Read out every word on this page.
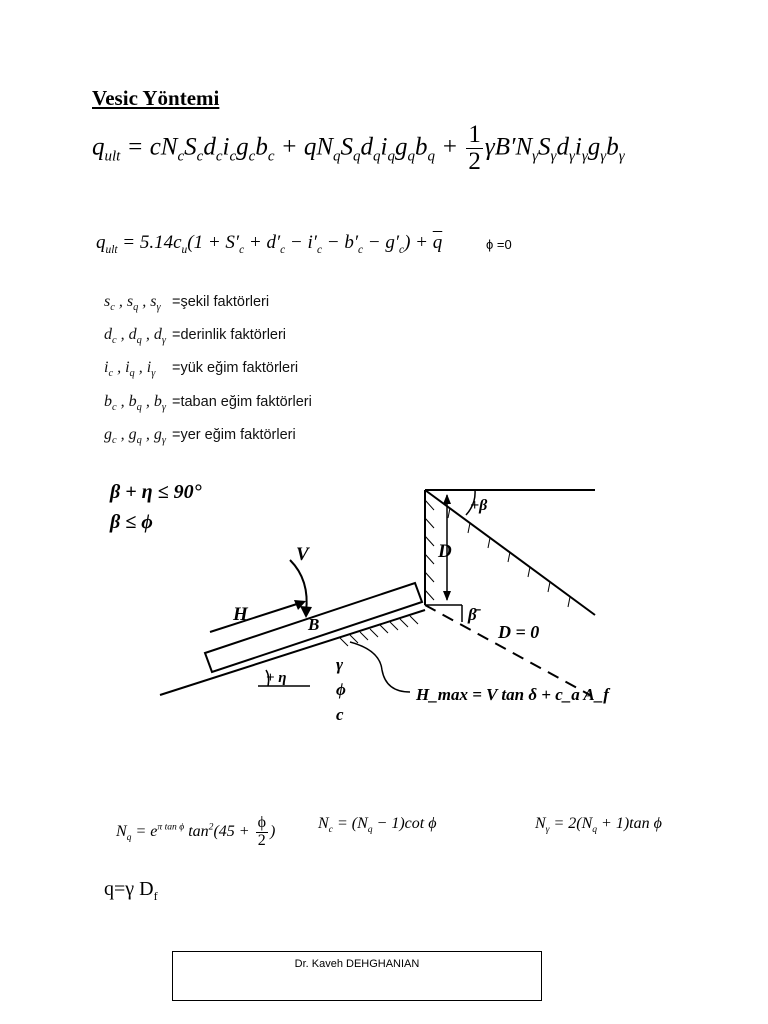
Vesic Yöntemi
$q_{ult} = cN_cS_cd_ci_cg_cb_c + qN_qS_qd_qi_qg_qb_q + \frac{1}{2} \gamma B'N_\gamma S_\gamma d_\gamma i_\gamma g_\gamma b_\gamma$
$q_{ult} = 5.14c_u(1 + S'_c + d'_c - i'_c - b'_c - g'_c) + \overline{q}$	ϕ =0
$s_c$ , $s_q$ , $s_\gamma$ =şekil faktörleri
$d_c$ , $d_q$ , $d_\gamma$ =derinlik faktörleri
$i_c$ , $i_q$ , $i_\gamma$ =yük eğim faktörleri
$b_c$ , $b_q$ , $b_\gamma$ =taban eğim faktörleri
$g_c$ , $g_q$ , $g_\gamma =yer$ eğim faktörleri
β + η ≤ 90°
β ≤ ϕ
+ η
V
H	B
γ
ϕ
c
H_max = V tan δ + c_a A_f
+β
D
β̄
D = 0
$N_q = e^{\pi tan \phi}$ $\tan^2(45 + \frac{\phi}{2}$ )	$N_c = (N_q - 1)\cot$ ϕ	$N_\gamma = 2(N_q + 1)\tan$ ϕ
q=γ $D_f$
Dr. Kaveh DEHGHANIAN
